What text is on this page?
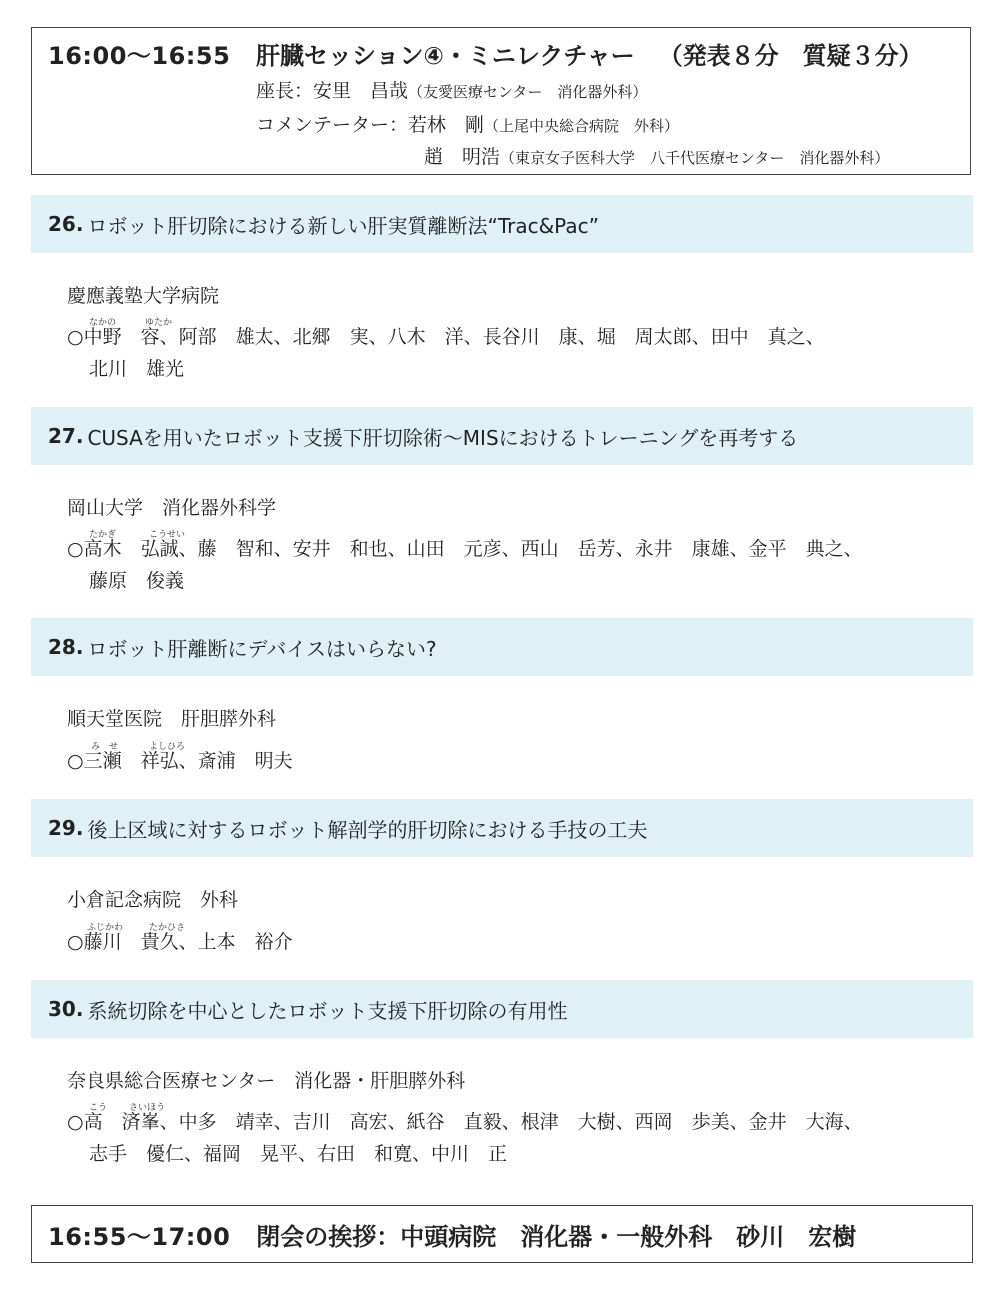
16:00〜16:55 肝臓セッション④・ミニレクチャー （発表８分　質疑３分）
座長：安里　昌哉（友愛医療センター　消化器外科）
コメンテーター：若林　剛（上尾中央総合病院　外科）
趙　明浩（東京女子医科大学　八千代医療センター　消化器外科）
26. ロボット肝切除における新しい肝実質離断法“Trac&Pac”
慶應義塾大学病院
なかの	ゆたか
○中野　容、阿部　雄太、北郷　実、八木　洋、長谷川　康、堀　周太郎、田中　真之、
北川　雄光
27. CUSAを用いたロボット支援下肝切除術〜MISにおけるトレーニングを再考する
岡山大学　消化器外科学
たかぎ	こうせい
○高木　弘誠、藤　智和、安井　和也、山田　元彦、西山　岳芳、永井　康雄、金平　典之、
藤原　俊義
28. ロボット肝離断にデバイスはいらない?
順天堂医院　肝胆膵外科
み　せ	よしひろ
○三瀬　祥弘、斎浦　明夫
29. 後上区域に対するロボット解剖学的肝切除における手技の工夫
小倉記念病院　外科
ふじかわ	たかひさ
○藤川　貴久、上本　裕介
30. 系統切除を中心としたロボット支援下肝切除の有用性
奈良県総合医療センター　消化器・肝胆膵外科
こう さいほう
○高　済峯、中多　靖幸、吉川　高宏、紙谷　直毅、根津　大樹、西岡　歩美、金井　大海、
志手　優仁、福岡　晃平、右田　和寛、中川　正
16:55〜17:00 閉会の挨拶：中頭病院　消化器・一般外科　砂川　宏樹
